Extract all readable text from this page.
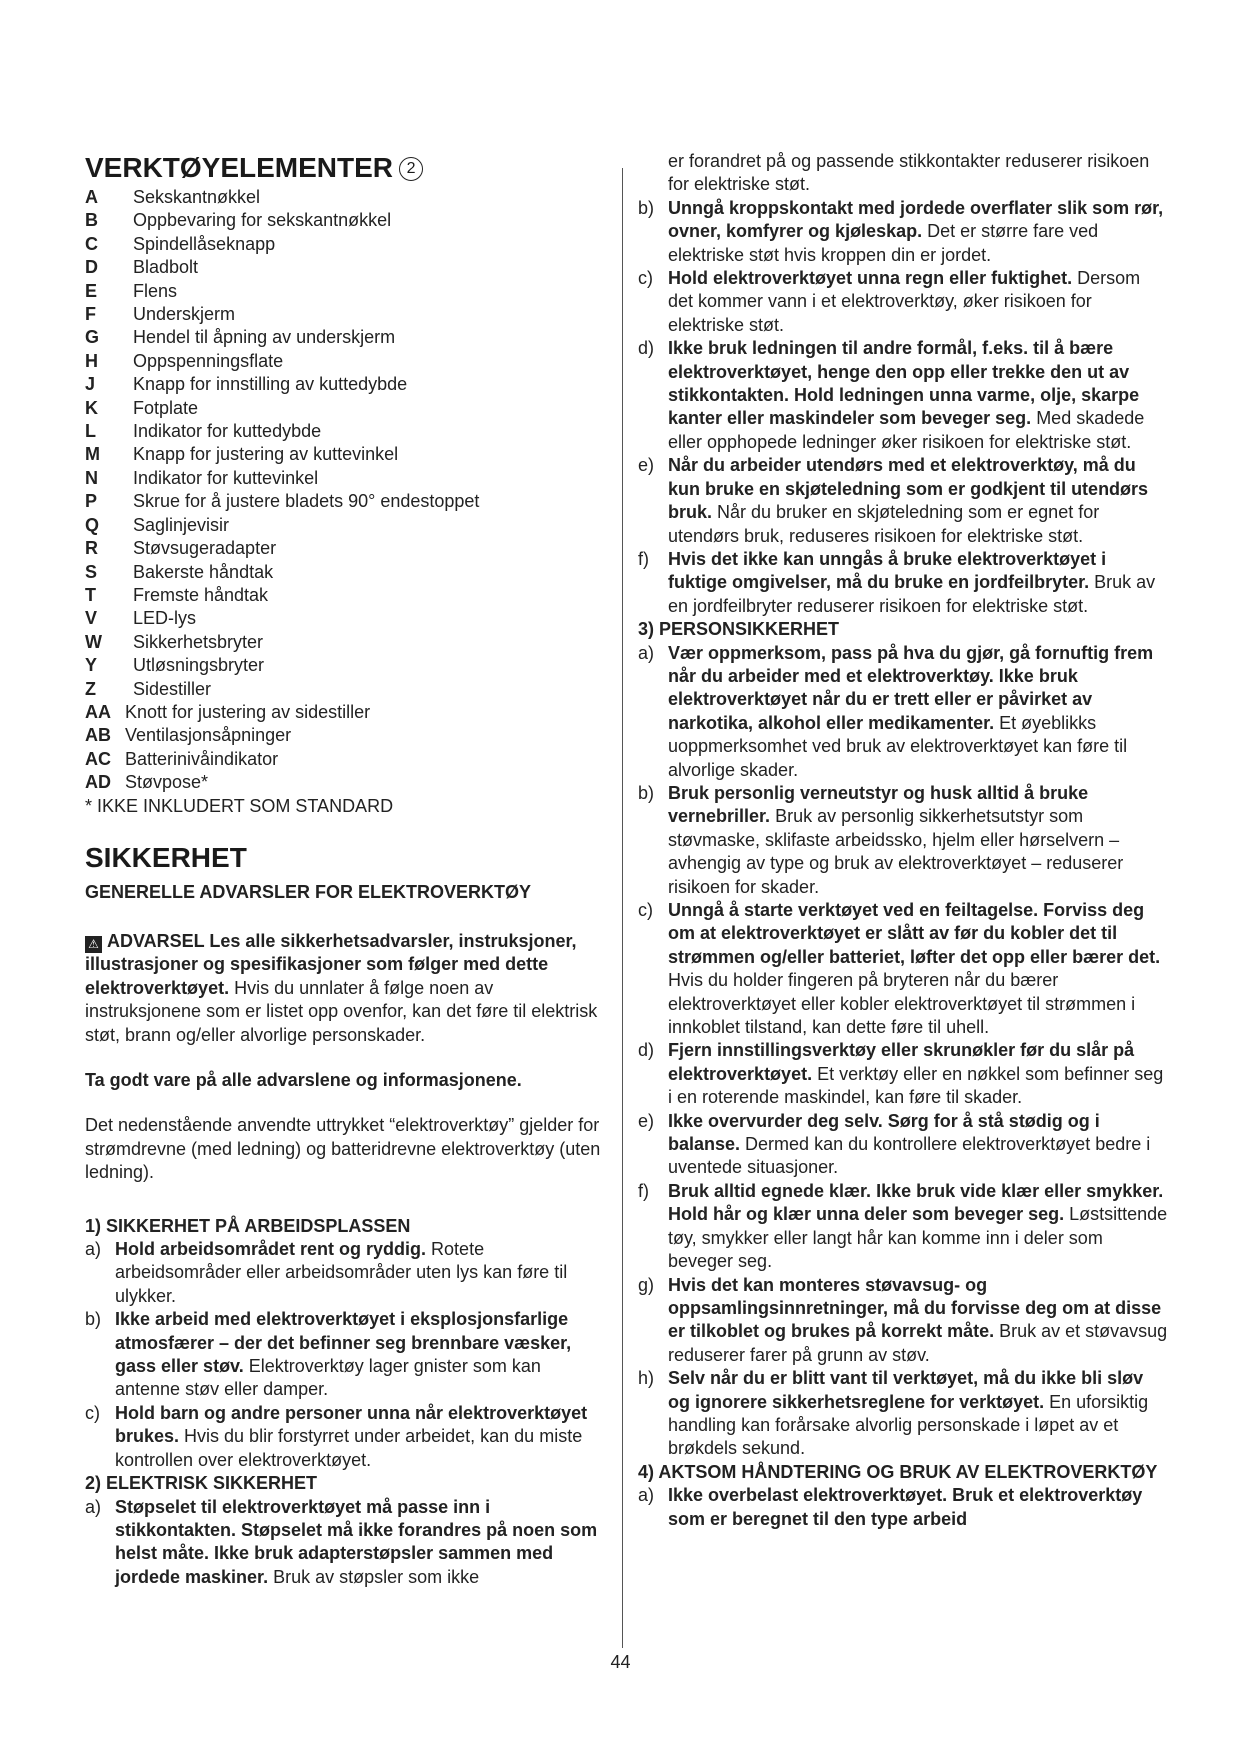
VERKTØYELEMENTER 2
A	Sekskantnøkkel
B	Oppbevaring for sekskantnøkkel
C	Spindellåseknapp
D	Bladbolt
E	Flens
F	Underskjerm
G	Hendel til åpning av underskjerm
H	Oppspenningsflate
J	Knapp for innstilling av kuttedybde
K	Fotplate
L	Indikator for kuttedybde
M	Knapp for justering av kuttevinkel
N	Indikator for kuttevinkel
P	Skrue for å justere bladets 90° endestoppet
Q	Saglinjevisir
R	Støvsugeradapter
S	Bakerste håndtak
T	Fremste håndtak
V	LED-lys
W	Sikkerhetsbryter
Y	Utløsningsbryter
Z	Sidestiller
AA Knott for justering av sidestiller
AB Ventilasjonsåpninger
AC Batterinivåindikator
AD Støvpose*
* IKKE INKLUDERT SOM STANDARD
SIKKERHET
GENERELLE ADVARSLER FOR ELEKTROVERKTØY

⚠ ADVARSEL Les alle sikkerhetsadvarsler, instruksjoner, illustrasjoner og spesifikasjoner som følger med dette elektroverktøyet. Hvis du unnlater å følge noen av instruksjonene som er listet opp ovenfor, kan det føre til elektrisk støt, brann og/eller alvorlige personskader.

Ta godt vare på alle advarslene og informasjonene.

Det nedenstående anvendte uttrykket “elektroverktøy” gjelder for strømdrevne (med ledning) og batteridrevne elektroverktøy (uten ledning).

1) SIKKERHET PÅ ARBEIDSPLASSEN
a) Hold arbeidsområdet rent og ryddig. Rotete arbeidsområder eller arbeidsområder uten lys kan føre til ulykker.
b) Ikke arbeid med elektroverktøyet i eksplosjonsfarlige atmosfærer – der det befinner seg brennbare væsker, gass eller støv. Elektroverktøy lager gnister som kan antenne støv eller damper.
c) Hold barn og andre personer unna når elektroverktøyet brukes. Hvis du blir forstyrret under arbeidet, kan du miste kontrollen over elektroverktøyet.
2) ELEKTRISK SIKKERHET
a) Støpselet til elektroverktøyet må passe inn i stikkontakten. Støpselet må ikke forandres på noen som helst måte. Ikke bruk adapterstøpsler sammen med jordede maskiner. Bruk av støpsler som ikke

er forandret på og passende stikkontakter reduserer risikoen for elektriske støt.

b) Unngå kroppskontakt med jordede overflater slik som rør, ovner, komfyrer og kjøleskap. Det er større fare ved elektriske støt hvis kroppen din er jordet.
c) Hold elektroverktøyet unna regn eller fuktighet. Dersom det kommer vann i et elektroverktøy, øker risikoen for elektriske støt.
d) Ikke bruk ledningen til andre formål, f.eks. til å bære elektroverktøyet, henge den opp eller trekke den ut av stikkontakten. Hold ledningen unna varme, olje, skarpe kanter eller maskindeler som beveger seg. Med skadede eller opphopede ledninger øker risikoen for elektriske støt.
e) Når du arbeider utendørs med et elektroverktøy, må du kun bruke en skjøteledning som er godkjent til utendørs bruk. Når du bruker en skjøteledning som er egnet for utendørs bruk, reduseres risikoen for elektriske støt.
f)	Hvis det ikke kan unngås å bruke elektroverktøyet i fuktige omgivelser, må du bruke en jordfeilbryter. Bruk av en jordfeilbryter reduserer risikoen for elektriske støt.
3) PERSONSIKKERHET
a) Vær oppmerksom, pass på hva du gjør, gå fornuftig frem når du arbeider med et elektroverktøy. Ikke bruk elektroverktøyet når du er trett eller er påvirket av narkotika, alkohol eller medikamenter. Et øyeblikks uoppmerksomhet ved bruk av elektroverktøyet kan føre til alvorlige skader.
b) Bruk personlig verneutstyr og husk alltid å bruke vernebriller. Bruk av personlig sikkerhetsutstyr som støvmaske, sklifaste arbeidssko, hjelm eller hørselvern – avhengig av type og bruk av elektroverktøyet – reduserer risikoen for skader.
c) Unngå å starte verktøyet ved en feiltagelse. Forviss deg om at elektroverktøyet er slått av før du kobler det til strømmen og/eller batteriet, løfter det opp eller bærer det. Hvis du holder fingeren på bryteren når du bærer elektroverktøyet eller kobler elektroverktøyet til strømmen i innkoblet tilstand, kan dette føre til uhell.
d) Fjern innstillingsverktøy eller skrunøkler før du slår på elektroverktøyet. Et verktøy eller en nøkkel som befinner seg i en roterende maskindel, kan føre til skader.
e) Ikke overvurder deg selv. Sørg for å stå stødig og i balanse. Dermed kan du kontrollere elektroverktøyet bedre i uventede situasjoner.
f)	Bruk alltid egnede klær. Ikke bruk vide klær eller smykker. Hold hår og klær unna deler som beveger seg. Løstsittende tøy, smykker eller langt hår kan komme inn i deler som beveger seg.
g) Hvis det kan monteres støvavsug- og oppsamlingsinnretninger, må du forvisse deg om at disse er tilkoblet og brukes på korrekt måte. Bruk av et støvavsug reduserer farer på grunn av støv.
h) Selv når du er blitt vant til verktøyet, må du ikke bli sløv og ignorere sikkerhetsreglene for verktøyet. En uforsiktig handling kan forårsake alvorlig personskade i løpet av et brøkdels sekund.
4) AKTSOM HÅNDTERING OG BRUK AV ELEKTROVERKTØY
a) Ikke overbelast elektroverktøyet. Bruk et elektroverktøy som er beregnet til den type arbeid
44
